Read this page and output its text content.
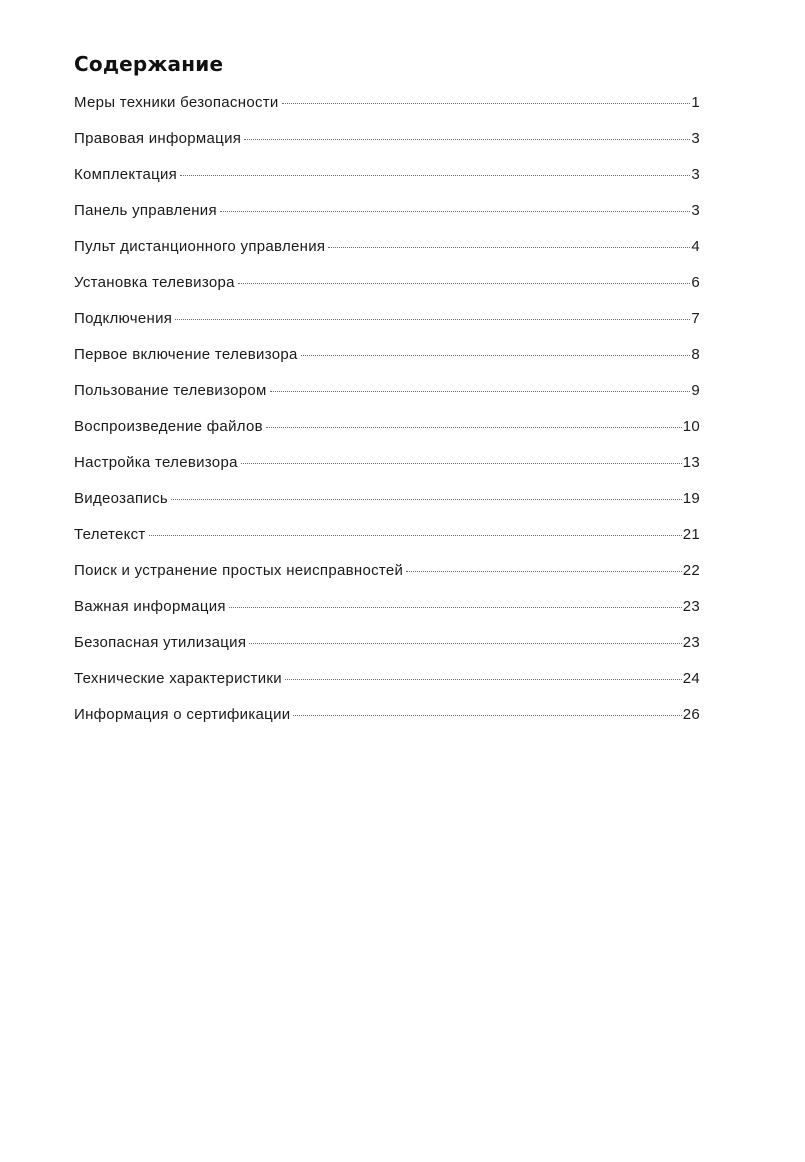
Содержание
Меры техники безопасности	1
Правовая информация	3
Комплектация	3
Панель управления	3
Пульт дистанционного управления	4
Установка телевизора	6
Подключения	7
Первое включение телевизора	8
Пользование телевизором	9
Воспроизведение файлов	10
Настройка телевизора	13
Видеозапись	19
Телетекст	21
Поиск и устранение простых неисправностей	22
Важная информация	23
Безопасная утилизация	23
Технические характеристики	24
Информация о сертификации	26
